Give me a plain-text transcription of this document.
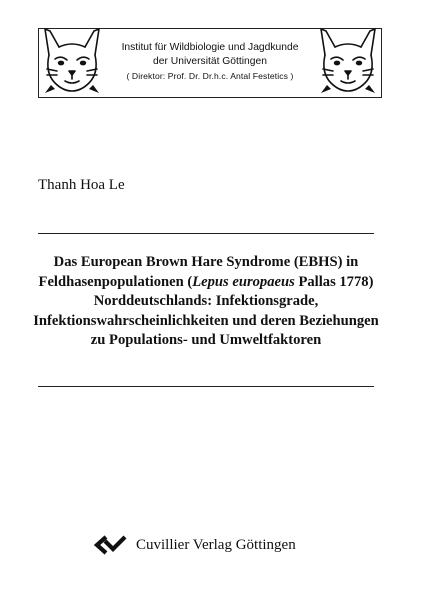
Institut für Wildbiologie und Jagdkunde
der Universität Göttingen
( Direktor: Prof. Dr. Dr.h.c. Antal Festetics )
Thanh Hoa Le
Das European Brown Hare Syndrome (EBHS) in Feldhasenpopulationen (Lepus europaeus Pallas 1778) Norddeutschlands: Infektionsgrade, Infektionswahrscheinlichkeiten und deren Beziehungen zu Populations- und Umweltfaktoren
Cuvillier Verlag Göttingen
